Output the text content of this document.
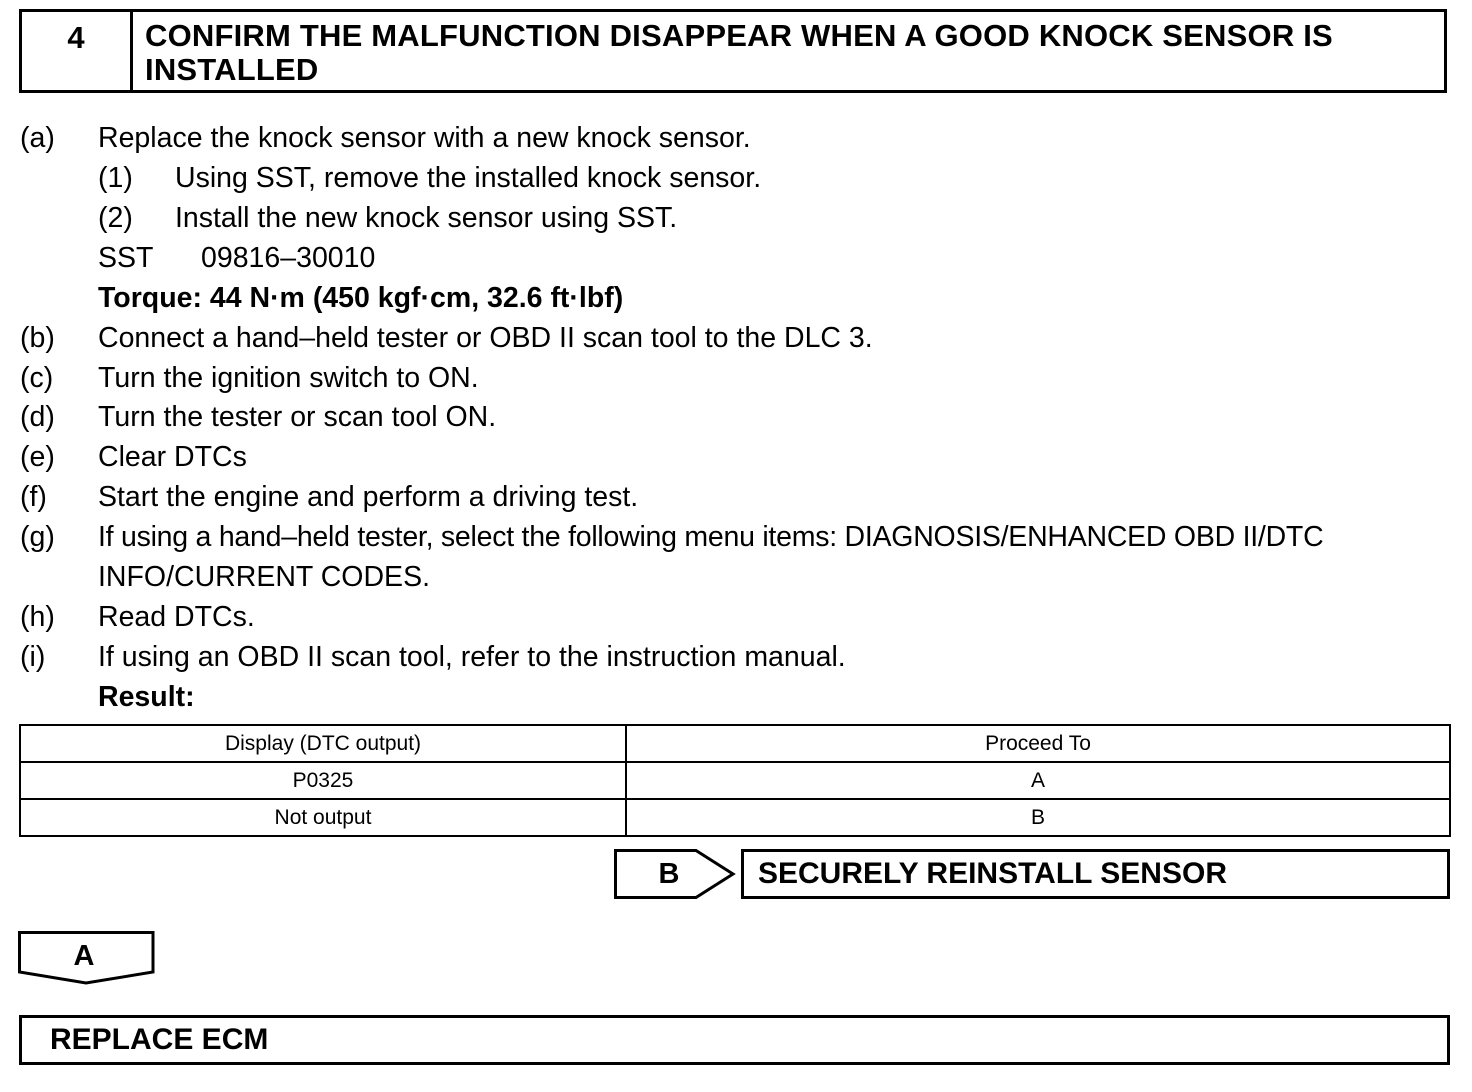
4	CONFIRM THE MALFUNCTION DISAPPEAR WHEN A GOOD KNOCK SENSOR IS INSTALLED
(a) Replace the knock sensor with a new knock sensor.
(1) Using SST, remove the installed knock sensor.
(2) Install the new knock sensor using SST.
SST 09816–30010
Torque: 44 N·m (450 kgf·cm, 32.6 ft·lbf)
(b) Connect a hand–held tester or OBD II scan tool to the DLC 3.
(c) Turn the ignition switch to ON.
(d) Turn the tester or scan tool ON.
(e) Clear DTCs
(f) Start the engine and perform a driving test.
(g) If using a hand–held tester, select the following menu items: DIAGNOSIS/ENHANCED OBD II/DTC
INFO/CURRENT CODES.
(h) Read DTCs.
(i) If using an OBD II scan tool, refer to the instruction manual.
Result:
Display (DTC output)	Proceed To
P0325	A
Not output	B
B	SECURELY REINSTALL SENSOR
A
REPLACE ECM
